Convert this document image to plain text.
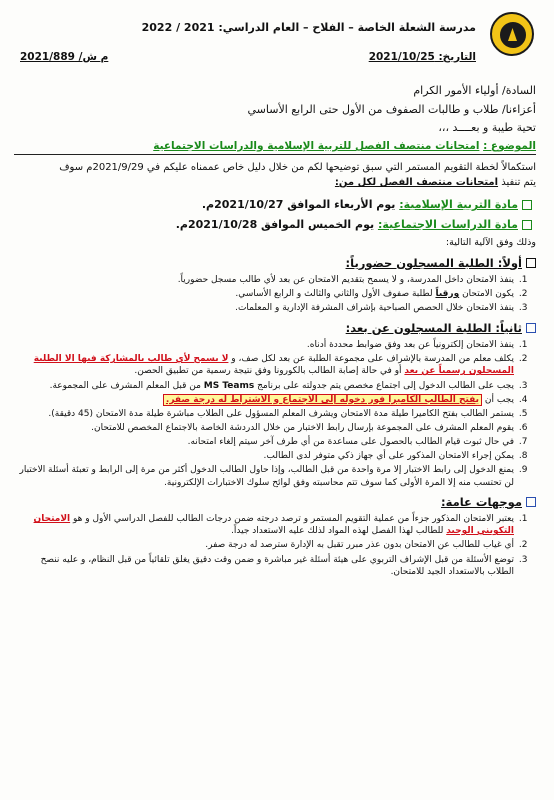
مدرسة الشعلة الخاصة – الفلاح – العام الدراسي: 2021 / 2022
التاريخ: 2021/10/25
م ش/ 2021/889
السادة/ أولياء الأمور الكرام
أعزاءنا/ طلاب و طالبات الصفوف من الأول حتى الرابع الأساسي
تحية طيبة و بعــــد ،،،
الموضوع : امتحانات منتصف الفصل للتربية الإسلامية والدراسات الاجتماعية
استكمالاً لخطة التقويم المستمر التي سبق توضيحها لكم من خلال دليل خاص عممناه عليكم في 2021/9/29م سوف
يتم تنفيذ امتحانات منتصف الفصل لكل من:
مادة التربية الإسلامية: يوم الأربعاء الموافق 2021/10/27م.
مادة الدراسات الاجتماعية: يوم الخميس الموافق 2021/10/28م.
وذلك وفق الآلية التالية:
أولاً: الطلبة المسجلون حضورياً:
1. ينفذ الامتحان داخل المدرسة، و لا يسمح بتقديم الامتحان عن بعد لأي طالب مسجل حضورياً.
2. يكون الامتحان ورقياً لطلبة صفوف الأول والثاني والثالث و الرابع الأساسي.
3. ينفذ الامتحان خلال الحصص الصباحية بإشراف المشرفة الإدارية و المعلمات.
ثانياً: الطلبة المسجلون عن بعد:
1. ينفذ الامتحان إلكترونياً عن بعد وفق ضوابط محددة أدناه.
2. يكلف معلم من المدرسة بالإشراف على مجموعة الطلبة عن بعد لكل صف، و لا يسمح لأي طالب بالمشاركة فيها الا الطلبة المسجلون رسمياً عن بعد أو في حالة إصابة الطالب بالكورونا وفق نتيجة رسمية من تطبيق الحصن.
3. يجب على الطالب الدخول إلى اجتماع مخصص يتم جدولته على برنامج MS Teams من قبل المعلم المشرف على المجموعة.
4. يجب أن يفتح الطالب الكاميرا فور دخوله إلى الاجتماع و الاشتراط له درجة صفر.
5. يستمر الطالب بفتح الكاميرا طيلة مدة الامتحان ويشرف المعلم المسؤول على الطلاب مباشرة طيلة مدة الامتحان (45 دقيقة).
6. يقوم المعلم المشرف على المجموعة بإرسال رابط الاختبار من خلال الدردشة الخاصة بالاجتماع المخصص للامتحان.
7. في حال ثبوت قيام الطالب بالحصول على مساعدة من أي طرف آخر سيتم إلغاء امتحانه.
8. يمكن إجراء الامتحان المذكور على أي جهاز ذكي متوفر لدى الطالب.
9. يمنع الدخول إلى رابط الاختبار إلا مرة واحدة من قبل الطالب، وإذا حاول الطالب الدخول أكثر من مرة إلى الرابط و تعبئة أسئلة الاختبار لن تحتسب منه إلا المرة الأولى كما سوف تتم محاسبته وفق لوائح سلوك الاختبارات الإلكترونية.
موجهات عامة:
1. يعتبر الامتحان المذكور جزءاً من عملية التقويم المستمر و ترصد درجته ضمن درجات الطالب للفصل الدراسي الأول و هو الامتحان التكويني الوحيد للطالب لهذا الفصل لهذه المواد لذلك عليه الاستعداد جيداً.
2. أي غياب للطالب عن الامتحان بدون عذر مبرر تقبل به الإدارة سترصد له درجة صفر.
3. توضع الأسئلة من قبل الإشراف التربوي على هيئة أسئلة غير مباشرة و ضمن وقت دقيق يغلق تلقائياً من قبل النظام، و عليه ننصح الطلاب بالاستعداد الجيد للامتحان.
